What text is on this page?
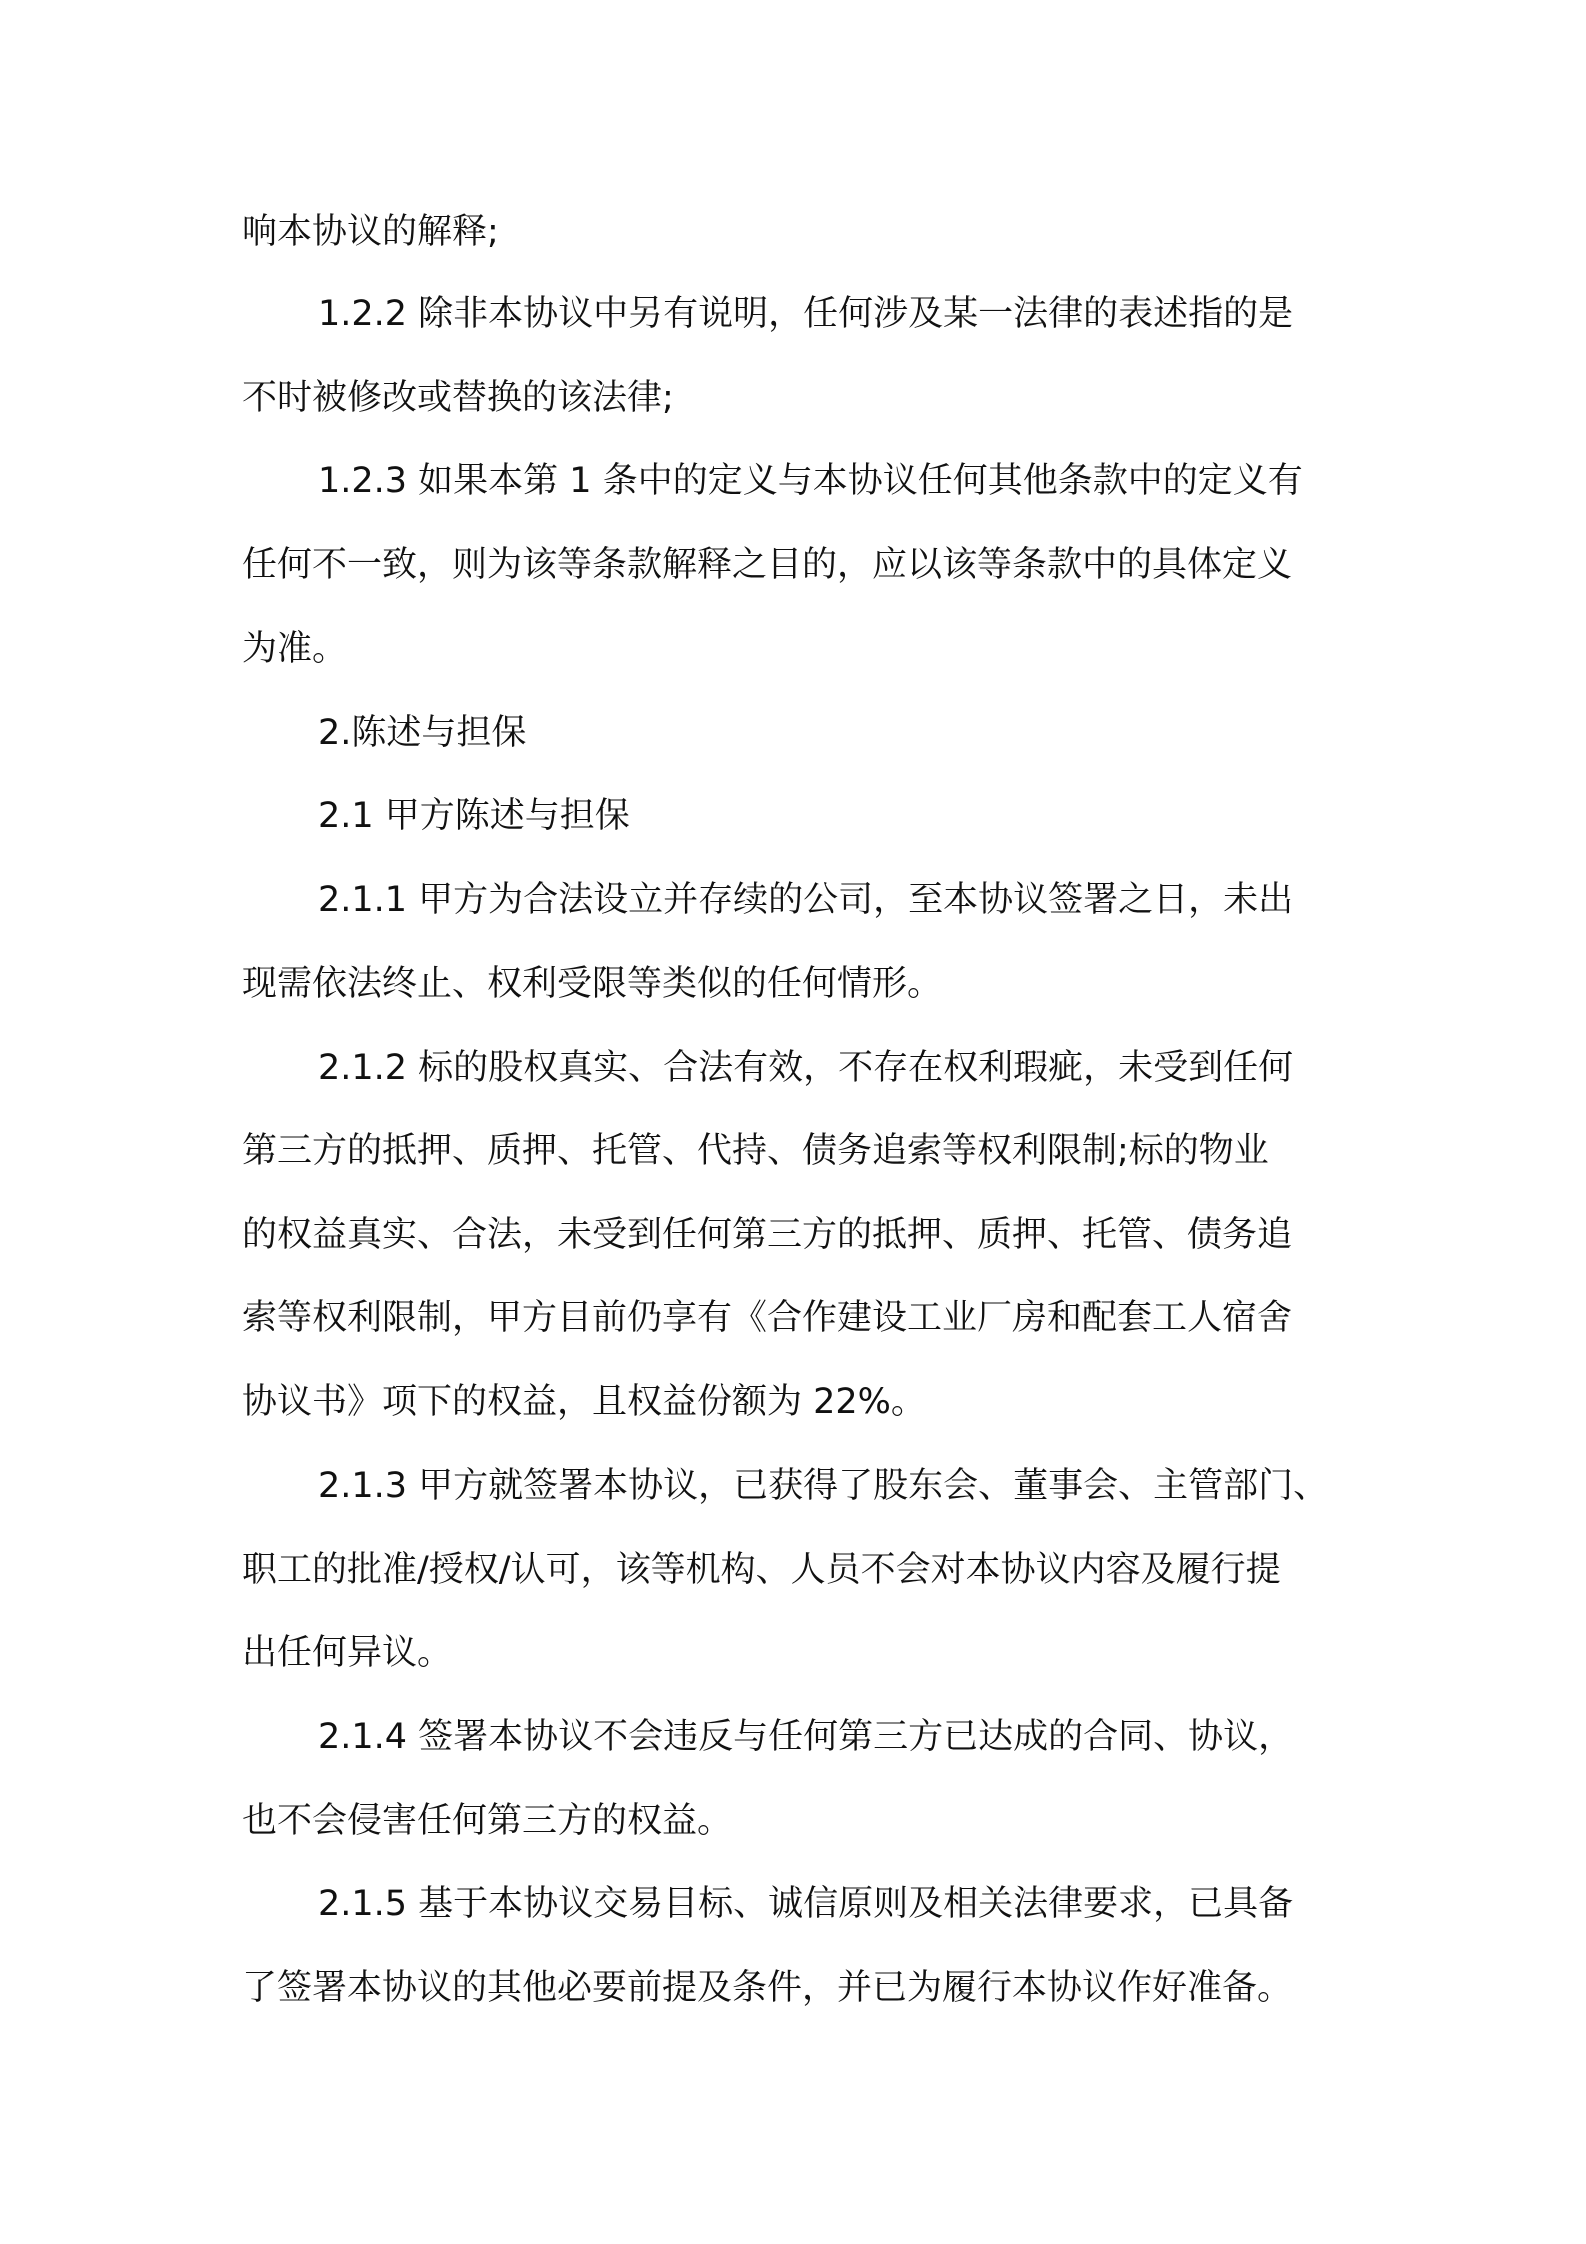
响本协议的解释;
1.2.2 除非本协议中另有说明，任何涉及某一法律的表述指的是
不时被修改或替换的该法律;
1.2.3 如果本第 1 条中的定义与本协议任何其他条款中的定义有
任何不一致，则为该等条款解释之目的，应以该等条款中的具体定义
为准。
2.陈述与担保
2.1 甲方陈述与担保
2.1.1 甲方为合法设立并存续的公司，至本协议签署之日，未出
现需依法终止、权利受限等类似的任何情形。
2.1.2 标的股权真实、合法有效，不存在权利瑕疵，未受到任何
第三方的抵押、质押、托管、代持、债务追索等权利限制;标的物业
的权益真实、合法，未受到任何第三方的抵押、质押、托管、债务追
索等权利限制，甲方目前仍享有《合作建设工业厂房和配套工人宿舍
协议书》项下的权益，且权益份额为 22%。
2.1.3 甲方就签署本协议，已获得了股东会、董事会、主管部门、
职工的批准/授权/认可，该等机构、人员不会对本协议内容及履行提
出任何异议。
2.1.4 签署本协议不会违反与任何第三方已达成的合同、协议，
也不会侵害任何第三方的权益。
2.1.5 基于本协议交易目标、诚信原则及相关法律要求，已具备
了签署本协议的其他必要前提及条件，并已为履行本协议作好准备。
